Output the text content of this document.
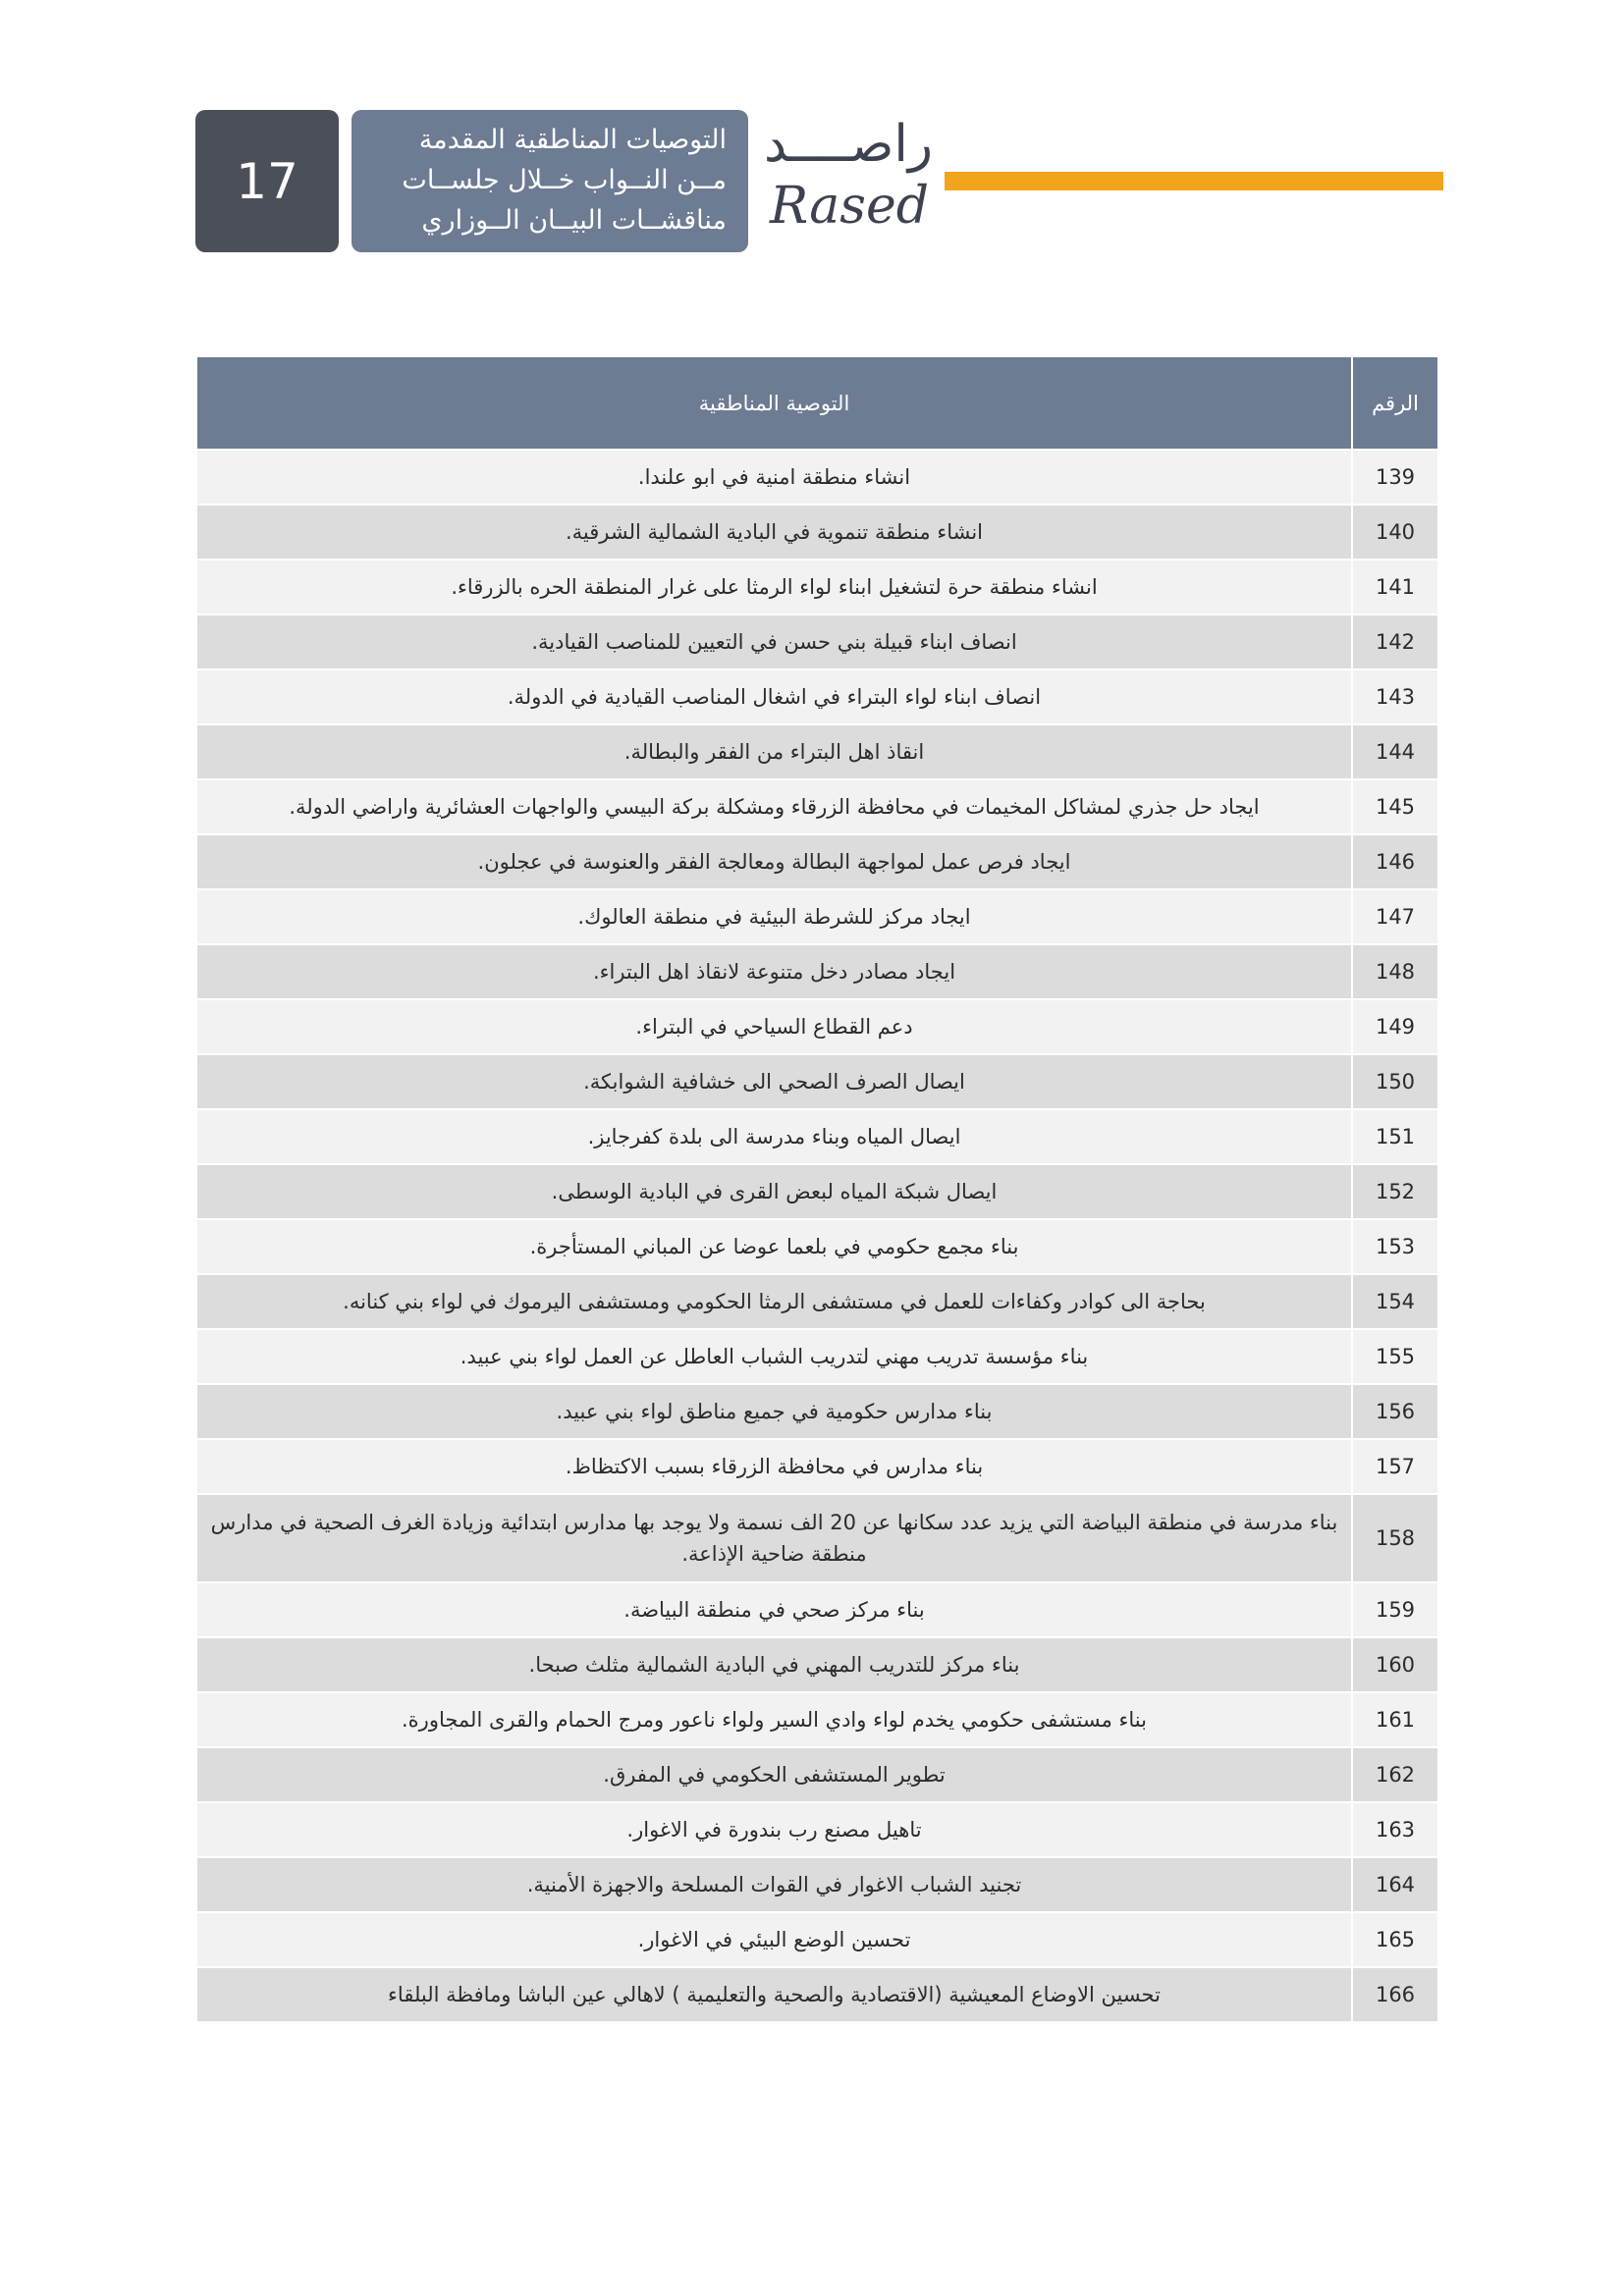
17
التوصيات المناطقية المقدمة
مــن النــواب خــلال جلســات
مناقشــات البيــان الــوزاري
راصــــد
Rased
الرقم	التوصية المناطقية
139	انشاء منطقة امنية في ابو علندا.
140	انشاء منطقة تنموية في البادية الشمالية الشرقية.
141	انشاء منطقة حرة لتشغيل ابناء لواء الرمثا على غرار المنطقة الحره بالزرقاء.
142	انصاف ابناء قبيلة بني حسن في التعيين للمناصب القيادية.
143	انصاف ابناء لواء البتراء في اشغال المناصب القيادية في الدولة.
144	انقاذ اهل البتراء من الفقر والبطالة.
145	ايجاد حل جذري لمشاكل المخيمات في محافظة الزرقاء ومشكلة بركة البيسي والواجهات العشائرية واراضي الدولة.
146	ايجاد فرص عمل لمواجهة البطالة ومعالجة الفقر والعنوسة في عجلون.
147	ايجاد مركز للشرطة البيئية في منطقة العالوك.
148	ايجاد مصادر دخل متنوعة لانقاذ اهل البتراء.
149	دعم القطاع السياحي في البتراء.
150	ايصال الصرف الصحي الى خشافية الشوابكة.
151	ايصال المياه وبناء مدرسة الى بلدة كفرجايز.
152	ايصال شبكة المياه لبعض القرى في البادية الوسطى.
153	بناء مجمع حكومي في بلعما عوضا عن المباني المستأجرة.
154	بحاجة الى كوادر وكفاءات للعمل في مستشفى الرمثا الحكومي ومستشفى اليرموك في لواء بني كنانه.
155	بناء مؤسسة تدريب مهني لتدريب الشباب العاطل عن العمل لواء بني عبيد.
156	بناء مدارس حكومية في جميع مناطق لواء بني عبيد.
157	بناء مدارس في محافظة الزرقاء بسبب الاكتظاظ.
158	بناء مدرسة في منطقة البياضة التي يزيد عدد سكانها عن 20 الف نسمة ولا يوجد بها مدارس ابتدائية وزيادة الغرف الصحية في مدارس منطقة ضاحية الإذاعة.
159	بناء مركز صحي في منطقة البياضة.
160	بناء مركز للتدريب المهني في البادية الشمالية مثلث صبحا.
161	بناء مستشفى حكومي يخدم لواء وادي السير ولواء ناعور ومرج الحمام والقرى المجاورة.
162	تطوير المستشفى الحكومي في المفرق.
163	تاهيل مصنع رب بندورة في الاغوار.
164	تجنيد الشباب الاغوار في القوات المسلحة والاجهزة الأمنية.
165	تحسين الوضع البيئي في الاغوار.
166	تحسين الاوضاع المعيشية (الاقتصادية والصحية والتعليمية ) لاهالي عين الباشا ومافظة البلقاء
